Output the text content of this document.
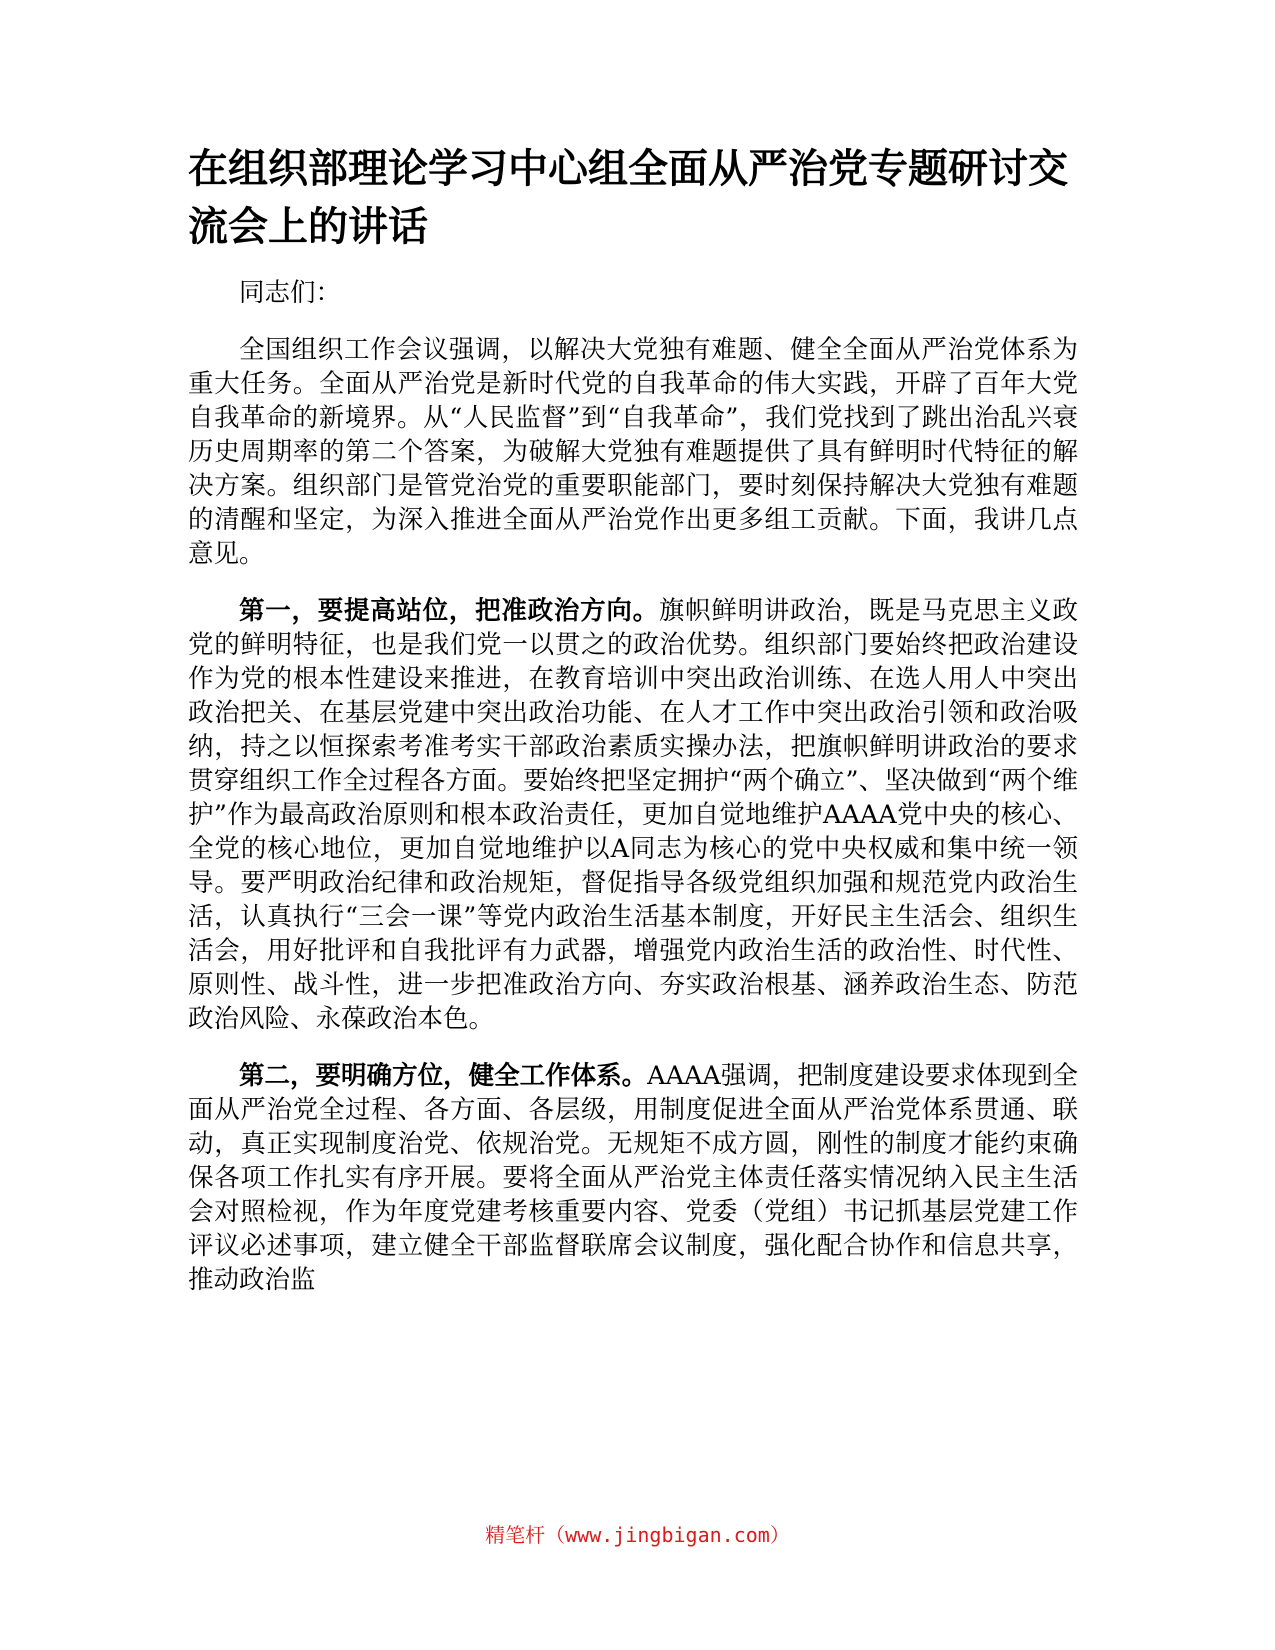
在组织部理论学习中心组全面从严治党专题研讨交流会上的讲话

同志们：

全国组织工作会议强调，以解决大党独有难题、健全全面从严治党体系为重大任务。全面从严治党是新时代党的自我革命的伟大实践，开辟了百年大党自我革命的新境界。从“人民监督”到“自我革命”，我们党找到了跳出治乱兴衰历史周期率的第二个答案，为破解大党独有难题提供了具有鲜明时代特征的解决方案。组织部门是管党治党的重要职能部门，要时刻保持解决大党独有难题的清醒和坚定，为深入推进全面从严治党作出更多组工贡献。下面，我讲几点意见。

第一，要提高站位，把准政治方向。旗帜鲜明讲政治，既是马克思主义政党的鲜明特征，也是我们党一以贯之的政治优势。组织部门要始终把政治建设作为党的根本性建设来推进，在教育培训中突出政治训练、在选人用人中突出政治把关、在基层党建中突出政治功能、在人才工作中突出政治引领和政治吸纳，持之以恒探索考准考实干部政治素质实操办法，把旗帜鲜明讲政治的要求贯穿组织工作全过程各方面。要始终把坚定拥护“两个确立”、坚决做到“两个维护”作为最高政治原则和根本政治责任，更加自觉地维护AAAA党中央的核心、全党的核心地位，更加自觉地维护以A同志为核心的党中央权威和集中统一领导。要严明政治纪律和政治规矩，督促指导各级党组织加强和规范党内政治生活，认真执行“三会一课”等党内政治生活基本制度，开好民主生活会、组织生活会，用好批评和自我批评有力武器，增强党内政治生活的政治性、时代性、原则性、战斗性，进一步把准政治方向、夯实政治根基、涵养政治生态、防范政治风险、永葆政治本色。

第二，要明确方位，健全工作体系。AAAA强调，把制度建设要求体现到全面从严治党全过程、各方面、各层级，用制度促进全面从严治党体系贯通、联动，真正实现制度治党、依规治党。无规矩不成方圆，刚性的制度才能约束确保各项工作扎实有序开展。要将全面从严治党主体责任落实情况纳入民主生活会对照检视，作为年度党建考核重要内容、党委（党组）书记抓基层党建工作评议必述事项，建立健全干部监督联席会议制度，强化配合协作和信息共享，推动政治监

精笔杆（www.jingbigan.com）
